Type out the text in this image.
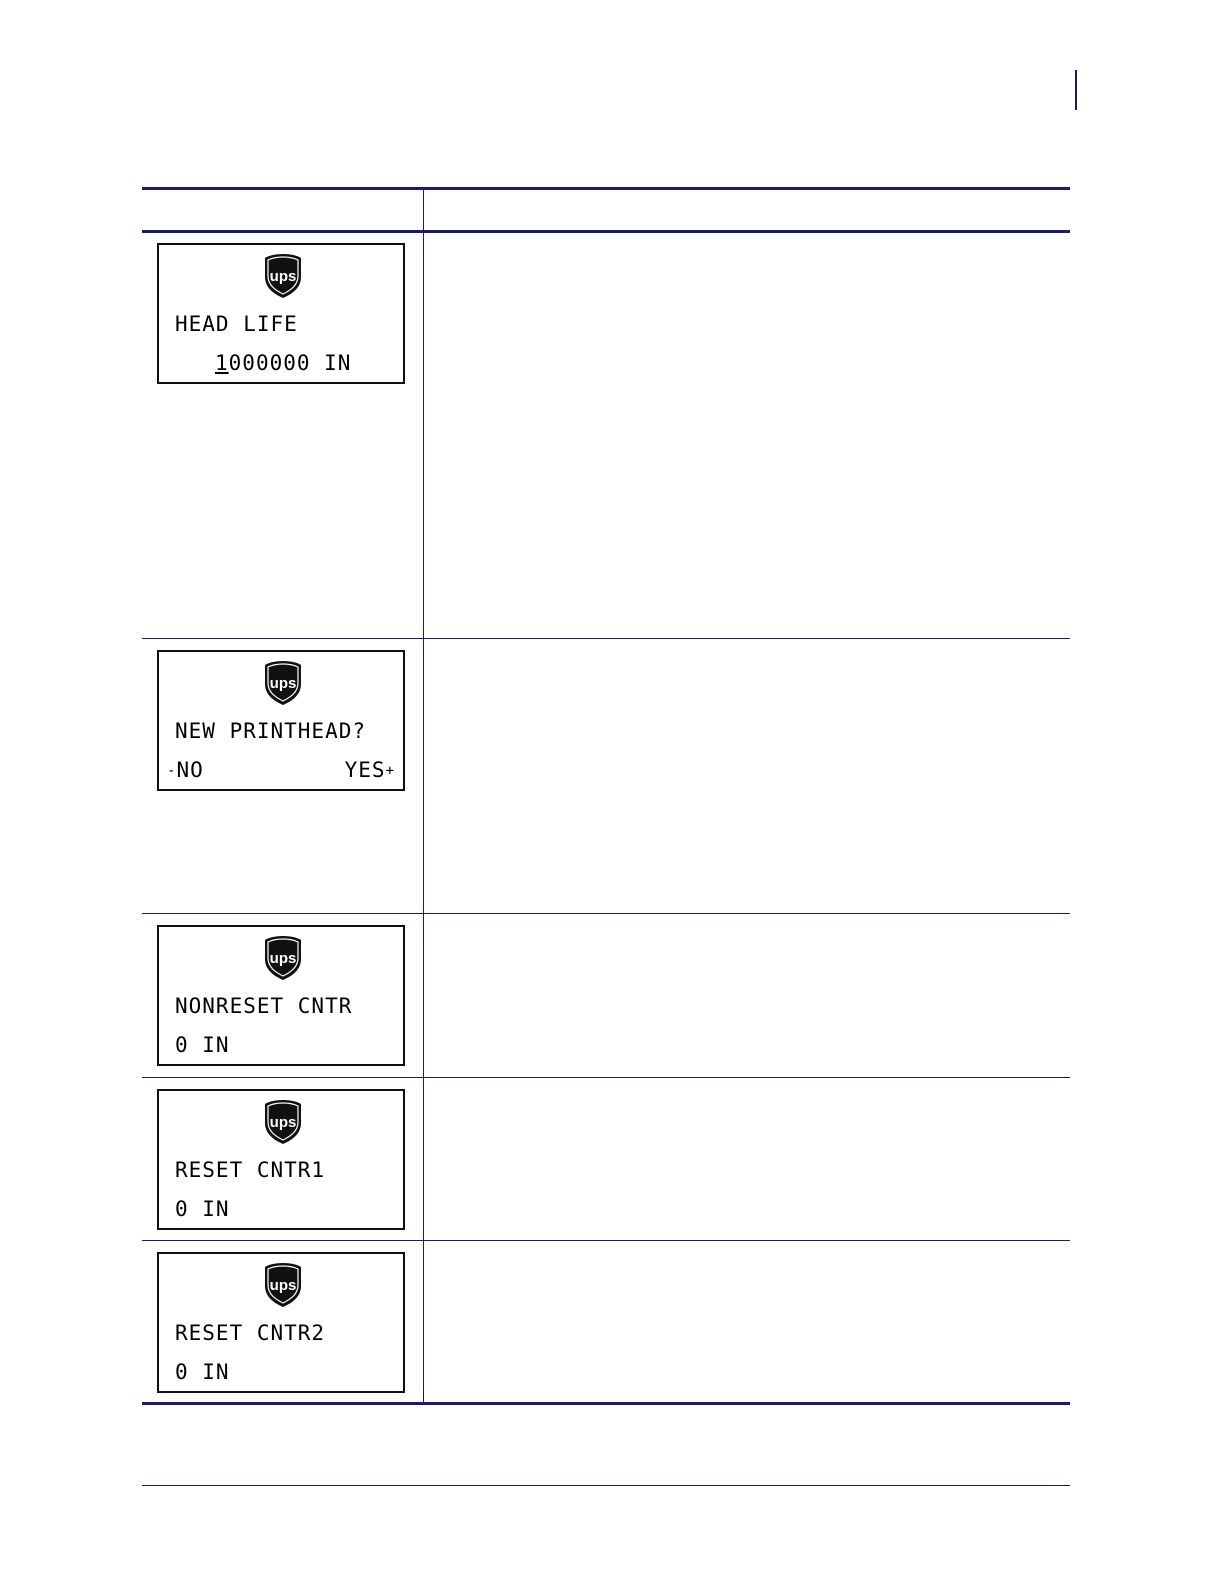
ups
HEAD LIFE
1000000 IN
ups
NEW PRINTHEAD?
-NO	YES+
ups
NONRESET CNTR
0 IN
ups
RESET CNTR1
0 IN
ups
RESET CNTR2
0 IN
